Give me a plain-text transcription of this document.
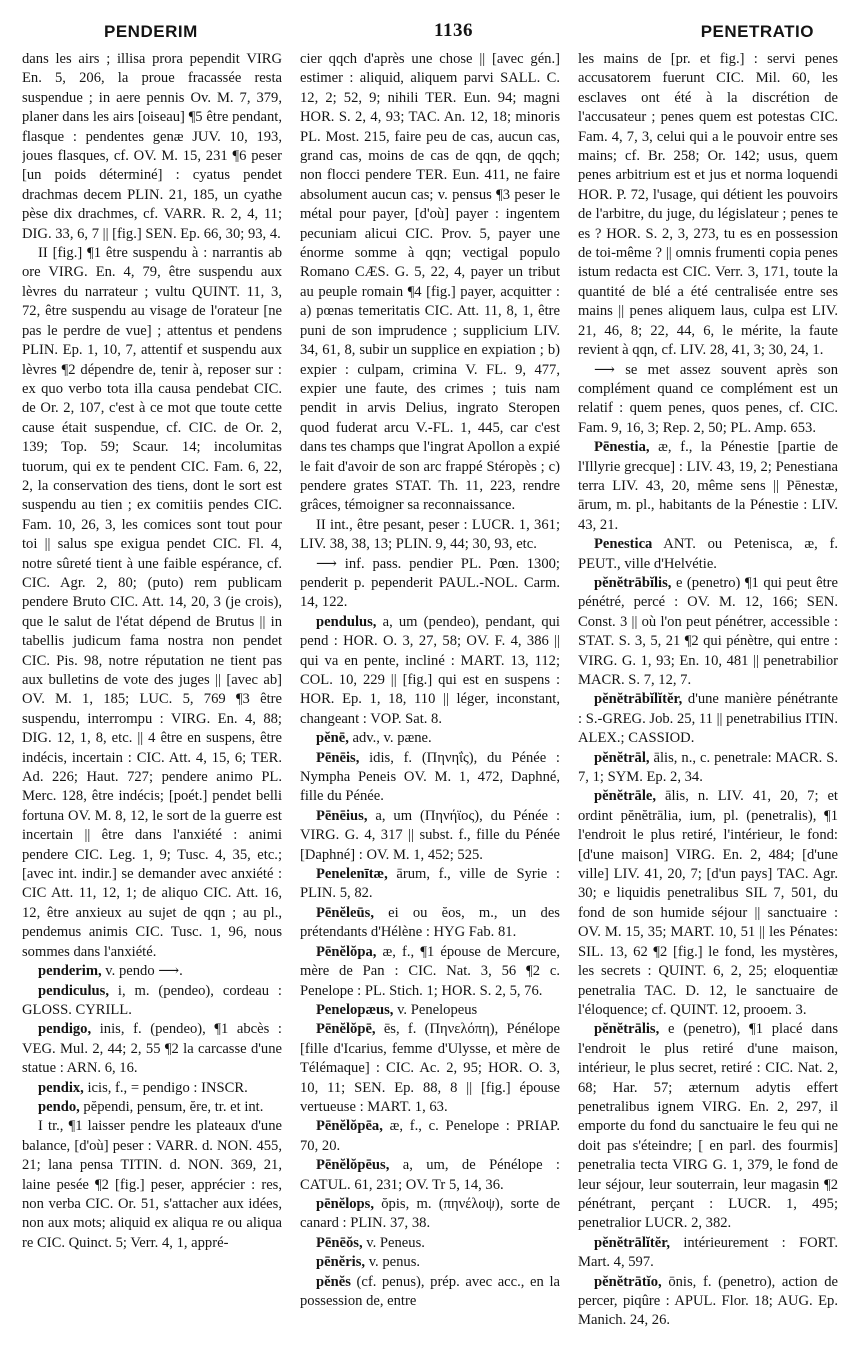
PENDERIM	1136	PENETRATIO

dans les airs ; illisa prora pependit VIRG En. 5, 206, la proue fracassée resta suspendue ; in aere pennis Ov. M. 7, 379, planer dans les airs [oiseau] ¶5 être pendant, flasque : pendentes genæ JUV. 10, 193, joues flasques, cf. OV. M. 15, 231 ¶6 peser [un poids déterminé] : cyatus pendet drachmas decem PLIN. 21, 185, un cyathe pèse dix drachmes, cf. VARR. R. 2, 4, 11; DIG. 33, 6, 7 || [fig.] SEN. Ep. 66, 30; 93, 4.

II [fig.] ¶1 être suspendu à : narrantis ab ore VIRG. En. 4, 79, être suspendu aux lèvres du narrateur ; vultu QUINT. 11, 3, 72, être suspendu au visage de l'orateur [ne pas le perdre de vue] ; attentus et pendens PLIN. Ep. 1, 10, 7, attentif et suspendu aux lèvres ¶2 dépendre de, tenir à, reposer sur : ex quo verbo tota illa causa pendebat CIC. de Or. 2, 107, c'est à ce mot que toute cette cause était suspendue, cf. CIC. de Or. 2, 139; Top. 59; Scaur. 14; incolumitas tuorum, qui ex te pendent CIC. Fam. 6, 22, 2, la conservation des tiens, dont le sort est suspendu au tien ; ex comitiis pendes CIC. Fam. 10, 26, 3, les comices sont tout pour toi || salus spe exigua pendet CIC. Fl. 4, notre sûreté tient à une faible espérance, cf. CIC. Agr. 2, 80; (puto) rem publicam pendere Bruto CIC. Att. 14, 20, 3 (je crois), que le salut de l'état dépend de Brutus || in tabellis judicum fama nostra non pendet CIC. Pis. 98, notre réputation ne tient pas aux bulletins de vote des juges || [avec ab] OV. M. 1, 185; LUC. 5, 769 ¶3 être suspendu, interrompu : VIRG. En. 4, 88; DIG. 12, 1, 8, etc. || 4 être en suspens, être indécis, incertain : CIC. Att. 4, 15, 6; TER. Ad. 226; Haut. 727; pendere animo PL. Merc. 128, être indécis; [poét.] pendet belli fortuna OV. M. 8, 12, le sort de la guerre est incertain || être dans l'anxiété : animi pendere CIC. Leg. 1, 9; Tusc. 4, 35, etc.; [avec int. indir.] se demander avec anxiété : CIC Att. 11, 12, 1; de aliquo CIC. Att. 16, 12, être anxieux au sujet de qqn ; au pl., pendemus animis CIC. Tusc. 1, 96, nous sommes dans l'anxiété.

penderim, v. pendo ⟶.

pendiculus, i, m. (pendeo), cordeau : GLOSS. CYRILL.

pendigo, inis, f. (pendeo), ¶1 abcès : VEG. Mul. 2, 44; 2, 55 ¶2 la carcasse d'une statue : ARN. 6, 16.

pendix, icis, f., = pendigo : INSCR.

pendo, pĕpendi, pensum, ĕre, tr. et int.

I tr., ¶1 laisser pendre les plateaux d'une balance, [d'où] peser : VARR. d. NON. 455, 21; lana pensa TITIN. d. NON. 369, 21, laine pesée ¶2 [fig.] peser, apprécier : res, non verba CIC. Or. 51, s'attacher aux idées, non aux mots; aliquid ex aliqua re ou aliqua re CIC. Quinct. 5; Verr. 4, 1, appré-

cier qqch d'après une chose || [avec gén.] estimer : aliquid, aliquem parvi SALL. C. 12, 2; 52, 9; nihili TER. Eun. 94; magni HOR. S. 2, 4, 93; TAC. An. 12, 18; minoris PL. Most. 215, faire peu de cas, aucun cas, grand cas, moins de cas de qqn, de qqch; non flocci pendere TER. Eun. 411, ne faire absolument aucun cas; v. pensus ¶3 peser le métal pour payer, [d'où] payer : ingentem pecuniam alicui CIC. Prov. 5, payer une énorme somme à qqn; vectigal populo Romano CÆS. G. 5, 22, 4, payer un tribut au peuple romain ¶4 [fig.] payer, acquitter : a) pœnas temeritatis CIC. Att. 11, 8, 1, être puni de son imprudence ; supplicium LIV. 34, 61, 8, subir un supplice en expiation ; b) expier : culpam, crimina V. FL. 9, 477, expier une faute, des crimes ; tuis nam pendit in arvis Delius, ingrato Steropen quod fuderat arcu V.-FL. 1, 445, car c'est dans tes champs que l'ingrat Apollon a expié le fait d'avoir de son arc frappé Stéropès ; c) pendere grates STAT. Th. 11, 223, rendre grâces, témoigner sa reconnaissance.

II int., être pesant, peser : LUCR. 1, 361; LIV. 38, 38, 13; PLIN. 9, 44; 30, 93, etc.

⟶ inf. pass. pendier PL. Pœn. 1300; penderit p. pependerit PAUL.-NOL. Carm. 14, 122.

pendulus, a, um (pendeo), pendant, qui pend : HOR. O. 3, 27, 58; OV. F. 4, 386 || qui va en pente, incliné : MART. 13, 112; COL. 10, 229 || [fig.] qui est en suspens : HOR. Ep. 1, 18, 110 || léger, inconstant, changeant : VOP. Sat. 8.

pĕnē, adv., v. pæne.

Pēnēis, idis, f. (Πηνηΐς), du Pénée : Nympha Peneis OV. M. 1, 472, Daphné, fille du Pénée.

Pēnēius, a, um (Πηνήϊος), du Pénée : VIRG. G. 4, 317 || subst. f., fille du Pénée [Daphné] : OV. M. 1, 452; 525.

Penelenītæ, ārum, f., ville de Syrie : PLIN. 5, 82.

Pēnĕleūs, ei ou ĕos, m., un des prétendants d'Hélène : HYG Fab. 81.

Pēnĕlŏpa, æ, f., ¶1 épouse de Mercure, mère de Pan : CIC. Nat. 3, 56 ¶2 c. Penelope : PL. Stich. 1; HOR. S. 2, 5, 76.

Penelopæus, v. Penelopeus

Pēnĕlŏpē, ēs, f. (Πηνελόπη), Pénélope [fille d'Icarius, femme d'Ulysse, et mère de Télémaque] : CIC. Ac. 2, 95; HOR. O. 3, 10, 11; SEN. Ep. 88, 8 || [fig.] épouse vertueuse : MART. 1, 63.

Pēnĕlŏpēa, æ, f., c. Penelope : PRIAP. 70, 20.

Pēnĕlŏpēus, a, um, de Pénélope : CATUL. 61, 231; OV. Tr 5, 14, 36.

pēnĕlops, ŏpis, m. (πηνέλοψ), sorte de canard : PLIN. 37, 38.

Pēnēŏs, v. Peneus.

pēnĕris, v. penus.

pĕnĕs (cf. penus), prép. avec acc., en la possession de, entre

les mains de [pr. et fig.] : servi penes accusatorem fuerunt CIC. Mil. 60, les esclaves ont été à la discrétion de l'accusateur ; penes quem est potestas CIC. Fam. 4, 7, 3, celui qui a le pouvoir entre ses mains; cf. Br. 258; Or. 142; usus, quem penes arbitrium est et jus et norma loquendi HOR. P. 72, l'usage, qui détient les pouvoirs de l'arbitre, du juge, du législateur ; penes te es ? HOR. S. 2, 3, 273, tu es en possession de toi-même ? || omnis frumenti copia penes istum redacta est CIC. Verr. 3, 171, toute la quantité de blé a été centralisée entre ses mains || penes aliquem laus, culpa est LIV. 21, 46, 8; 22, 44, 6, le mérite, la faute revient à qqn, cf. LIV. 28, 41, 3; 30, 24, 1.

⟶ se met assez souvent après son complément quand ce complément est un relatif : quem penes, quos penes, cf. CIC. Fam. 9, 16, 3; Rep. 2, 50; PL. Amp. 653.

Pēnestia, æ, f., la Pénestie [partie de l'Illyrie grecque] : LIV. 43, 19, 2; Penestiana terra LIV. 43, 20, même sens || Pēnestæ, ārum, m. pl., habitants de la Pénestie : LIV. 43, 21.

Penestica ANT. ou Petenisca, æ, f. PEUT., ville d'Helvétie.

pĕnĕtrābĭlis, e (penetro) ¶1 qui peut être pénétré, percé : OV. M. 12, 166; SEN. Const. 3 || où l'on peut pénétrer, accessible : STAT. S. 3, 5, 21 ¶2 qui pénètre, qui entre : VIRG. G. 1, 93; En. 10, 481 || penetrabilior MACR. S. 7, 12, 7.

pĕnĕtrābĭlĭtĕr, d'une manière pénétrante : S.-GREG. Job. 25, 11 || penetrabilius ITIN. ALEX.; CASSIOD.

pĕnĕtrāl, ālis, n., c. penetrale: MACR. S. 7, 1; SYM. Ep. 2, 34.

pĕnĕtrāle, ālis, n. LIV. 41, 20, 7; et ordint pĕnĕtrālia, ium, pl. (penetralis), ¶1 l'endroit le plus retiré, l'intérieur, le fond: [d'une maison] VIRG. En. 2, 484; [d'une ville] LIV. 41, 20, 7; [d'un pays] TAC. Agr. 30; e liquidis penetralibus SIL 7, 501, du fond de son humide séjour || sanctuaire : OV. M. 15, 35; MART. 10, 51 || les Pénates: SIL. 13, 62 ¶2 [fig.] le fond, les mystères, les secrets : QUINT. 6, 2, 25; eloquentiæ penetralia TAC. D. 12, le sanctuaire de l'éloquence; cf. QUINT. 12, prooem. 3.

pĕnĕtrālis, e (penetro), ¶1 placé dans l'endroit le plus retiré d'une maison, intérieur, le plus secret, retiré : CIC. Nat. 2, 68; Har. 57; æternum adytis effert penetralibus ignem VIRG. En. 2, 297, il emporte du fond du sanctuaire le feu qui ne doit pas s'éteindre; [ en parl. des fourmis] penetralia tecta VIRG G. 1, 379, le fond de leur séjour, leur souterrain, leur magasin ¶2 pénétrant, perçant : LUCR. 1, 495; penetralior LUCR. 2, 382.

pĕnĕtrālĭtĕr, intérieurement : FORT. Mart. 4, 597.

pĕnĕtrātĭo, ōnis, f. (penetro), action de percer, piqûre : APUL. Flor. 18; AUG. Ep. Manich. 24, 26.
